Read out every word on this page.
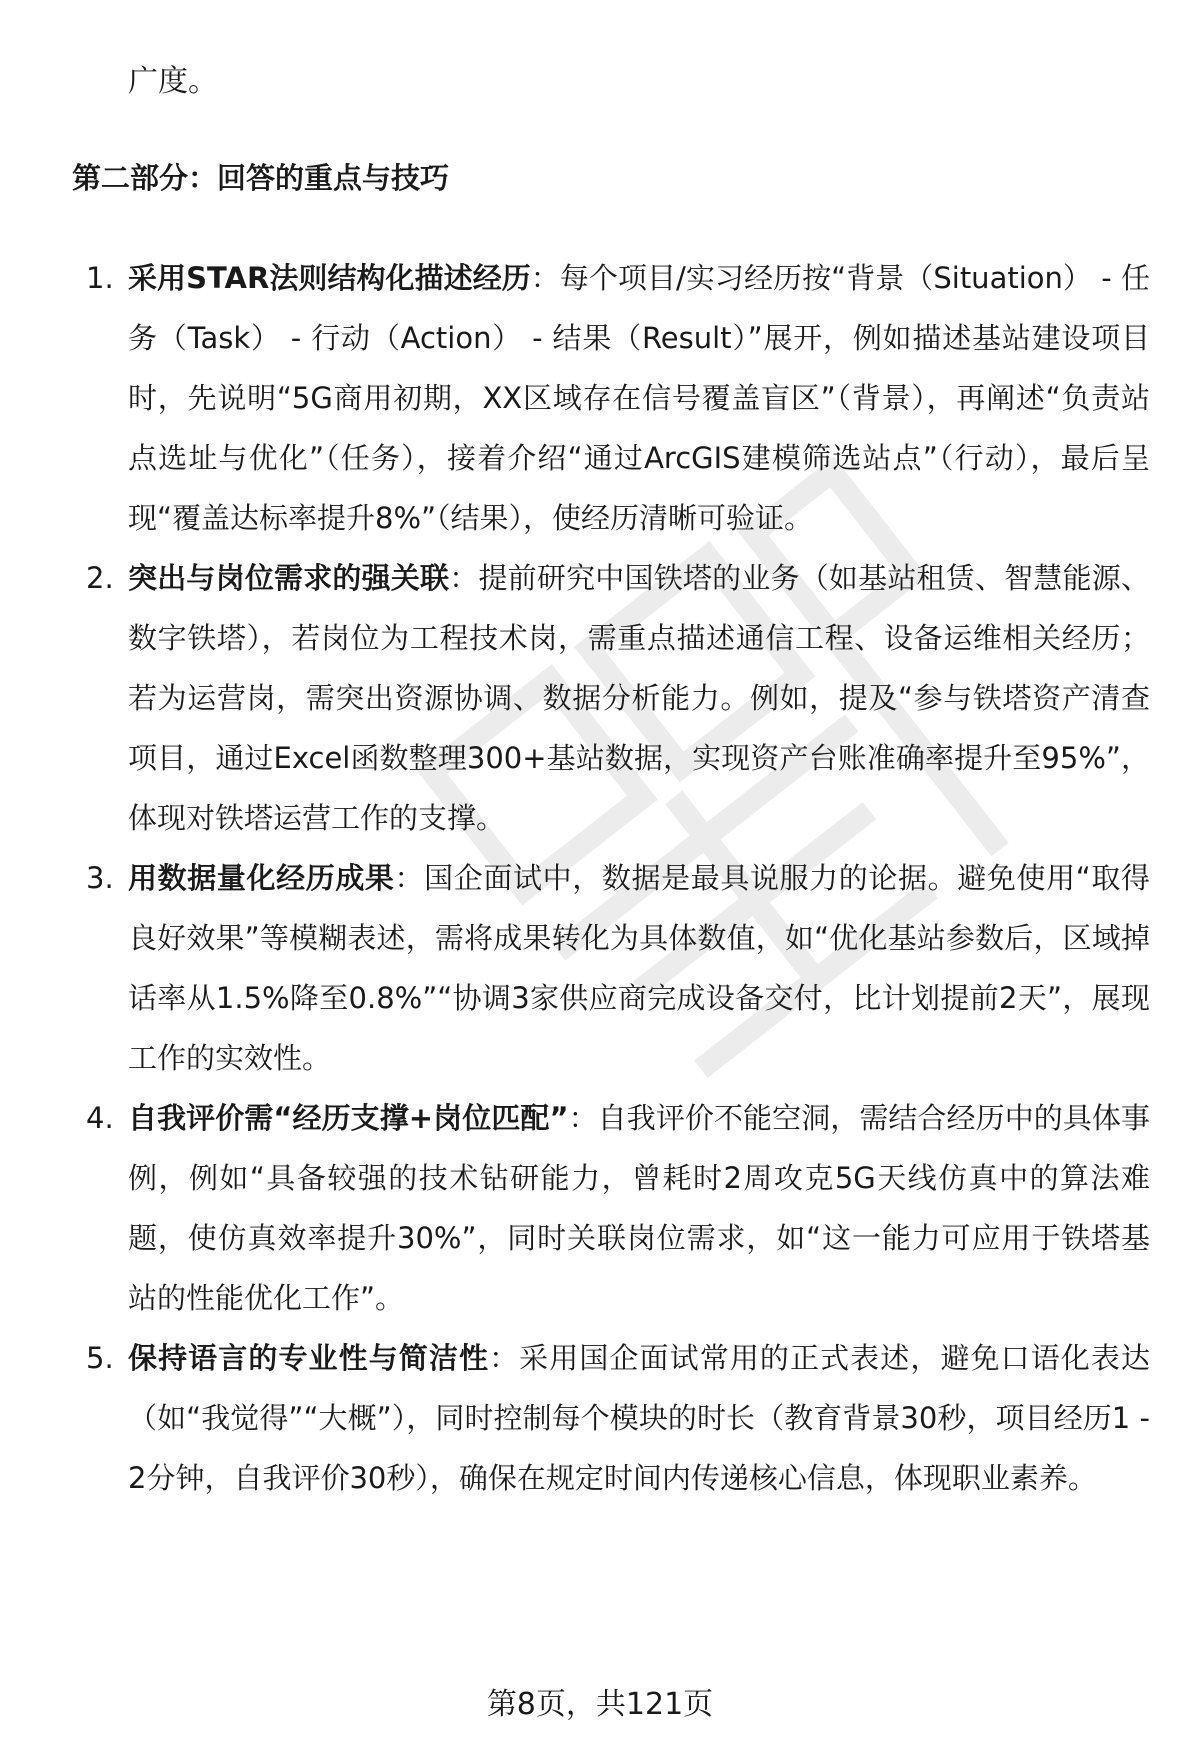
广度。

第二部分：回答的重点与技巧
1. 采用STAR法则结构化描述经历：每个项目/实习经历按“背景（Situation） - 任务（Task） - 行动（Action） - 结果（Result）”展开，例如描述基站建设项目时，先说明“5G商用初期，XX区域存在信号覆盖盲区”（背景），再阐述“负责站点选址与优化”（任务），接着介绍“通过ArcGIS建模筛选站点”（行动），最后呈现“覆盖达标率提升8%”（结果），使经历清晰可验证。
2. 突出与岗位需求的强关联：提前研究中国铁塔的业务（如基站租赁、智慧能源、数字铁塔），若岗位为工程技术岗，需重点描述通信工程、设备运维相关经历；若为运营岗，需突出资源协调、数据分析能力。例如，提及“参与铁塔资产清查项目，通过Excel函数整理300+基站数据，实现资产台账准确率提升至95%”，体现对铁塔运营工作的支撑。
3. 用数据量化经历成果：国企面试中，数据是最具说服力的论据。避免使用“取得良好效果”等模糊表述，需将成果转化为具体数值，如“优化基站参数后，区域掉话率从1.5%降至0.8%”“协调3家供应商完成设备交付，比计划提前2天”，展现工作的实效性。
4. 自我评价需“经历支撑+岗位匹配”：自我评价不能空洞，需结合经历中的具体事例，例如“具备较强的技术钻研能力，曾耗时2周攻克5G天线仿真中的算法难题，使仿真效率提升30%”，同时关联岗位需求，如“这一能力可应用于铁塔基站的性能优化工作”。
5. 保持语言的专业性与简洁性：采用国企面试常用的正式表述，避免口语化表达（如“我觉得”“大概”），同时控制每个模块的时长（教育背景30秒，项目经历1 - 2分钟，自我评价30秒），确保在规定时间内传递核心信息，体现职业素养。

第8页，共121页
